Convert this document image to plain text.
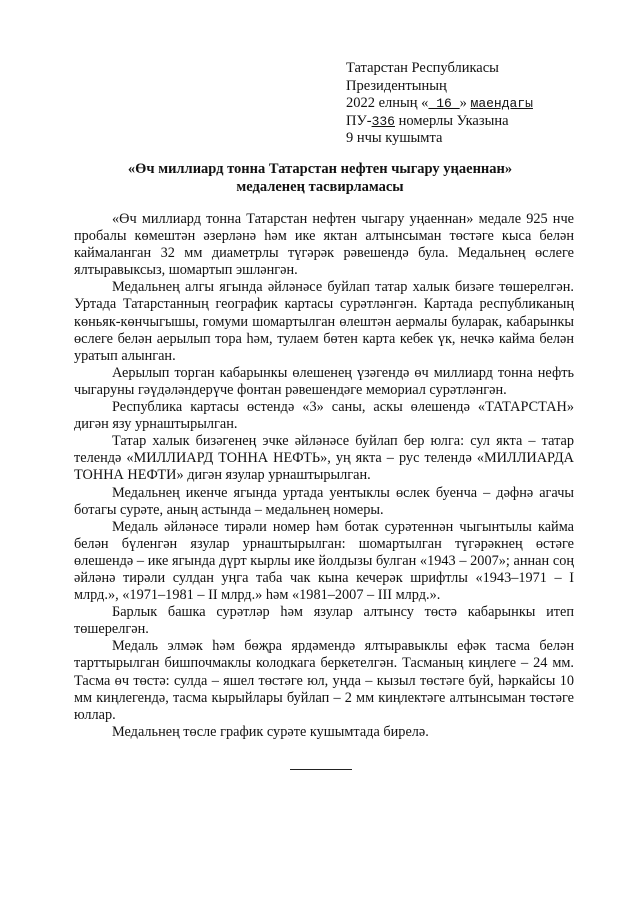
Татарстан Республикасы
Президентының
2022 елның « 16 » маендагы
ПУ-336 номерлы Указына
9 нчы кушымта
«Өч миллиард тонна Татарстан нефтен чыгару уңаеннан»
медаленең тасвирламасы

«Өч миллиард тонна Татарстан нефтен чыгару уңаеннан» медале 925 нче пробалы көмештән әзерләнә һәм ике яктан алтынсыман төстәге кыса белән каймаланган 32 мм диаметрлы түгәрәк рәвешендә була. Медальнең өслеге ялтыравыксыз, шомартып эшләнгән.

Медальнең алгы ягында әйләнәсе буйлап татар халык бизәге төшерелгән. Уртада Татарстанның географик картасы сурәтләнгән. Картада республиканың көньяк-көнчыгышы, гомуми шомартылган өлештән аермалы буларак, кабарынкы өслеге белән аерылып тора һәм, тулаем бөтен карта кебек үк, нечкә кайма белән уратып алынган.

Аерылып торган кабарынкы өлешенең үзәгендә өч миллиард тонна нефть чыгаруны гәүдәләндерүче фонтан рәвешендәге мемориал сурәтләнгән.

Республика картасы өстендә «3» саны, аскы өлешендә «ТАТАРСТАН» дигән язу урнаштырылган.

Татар халык бизәгенең эчке әйләнәсе буйлап бер юлга: сул якта – татар телендә «МИЛЛИАРД ТОННА НЕФТЬ», уң якта – рус телендә «МИЛЛИАРДА ТОННА НЕФТИ» дигән язулар урнаштырылган.

Медальнең икенче ягында уртада уентыклы өслек буенча – дәфнә агачы ботагы сурәте, аның астында – медальнең номеры.

Медаль әйләнәсе тирәли номер һәм ботак сурәтеннән чыгынтылы кайма белән бүленгән язулар урнаштырылган: шомартылган түгәрәкнең өстәге өлешендә – ике ягында дүрт кырлы ике йолдызы булган «1943 – 2007»; аннан соң әйләнә тирәли сулдан уңга таба чак кына кечерәк шрифтлы «1943–1971 – I млрд.», «1971–1981 – II млрд.» һәм «1981–2007 – III млрд.».

Барлык башка сурәтләр һәм язулар алтынсу төстә кабарынкы итеп төшерелгән.

Медаль элмәк һәм бөҗра ярдәмендә ялтыравыклы ефәк тасма белән тарттырылган бишпочмаклы колодкага беркетелгән. Тасманың киңлеге – 24 мм. Тасма өч төстә: сулда – яшел төстәге юл, уңда – кызыл төстәге буй, һәркайсы 10 мм киңлегендә, тасма кырыйлары буйлап – 2 мм киңлектәге алтынсыман төстәге юллар.

Медальнең төсле график сурәте кушымтада бирелә.
